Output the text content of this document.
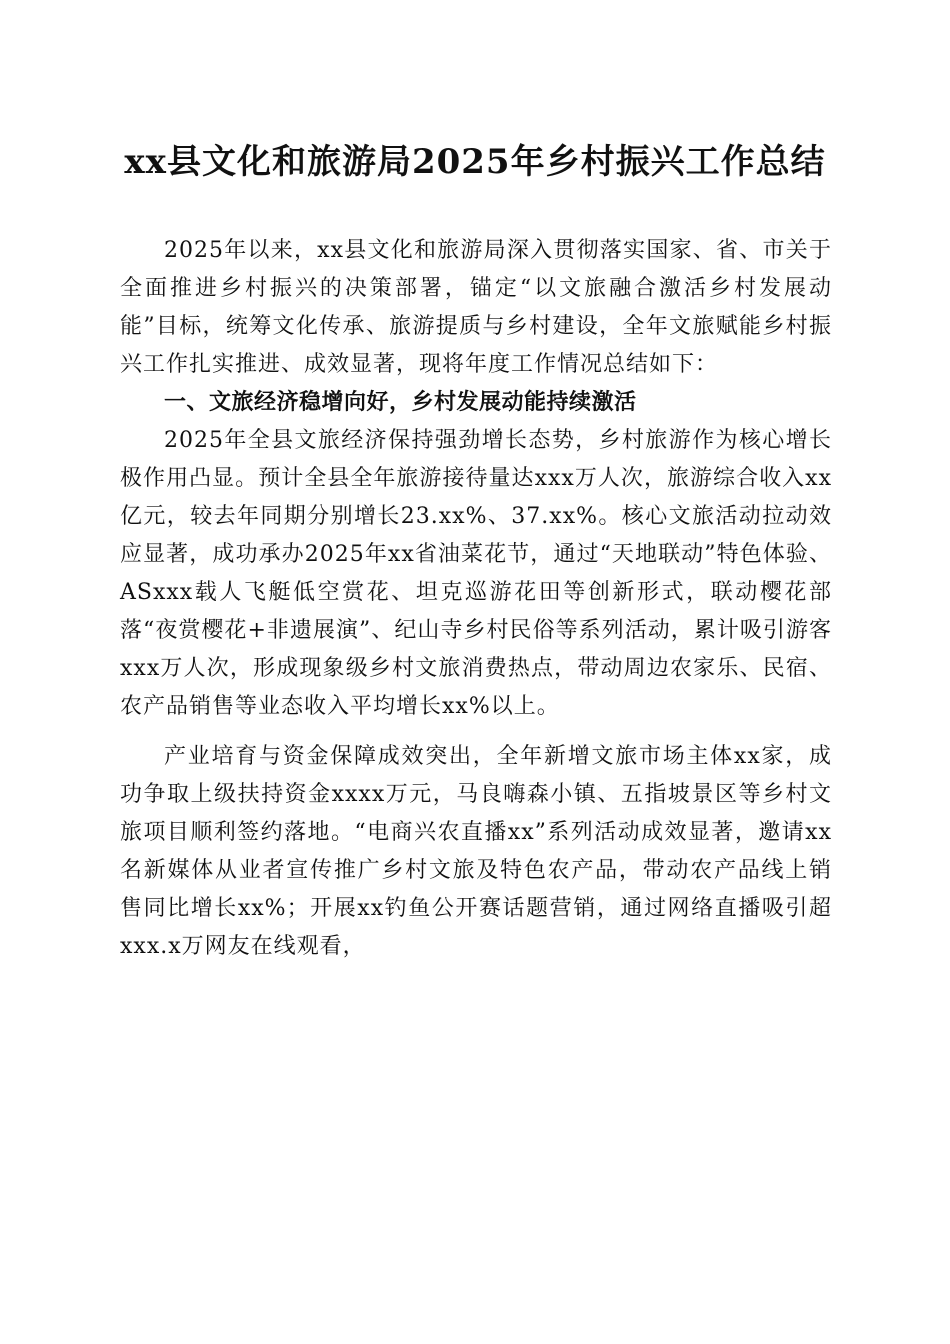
xx县文化和旅游局2025年乡村振兴工作总结

2025年以来，xx县文化和旅游局深入贯彻落实国家、省、市关于全面推进乡村振兴的决策部署，锚定“以文旅融合激活乡村发展动能”目标，统筹文化传承、旅游提质与乡村建设，全年文旅赋能乡村振兴工作扎实推进、成效显著，现将年度工作情况总结如下：

一、文旅经济稳增向好，乡村发展动能持续激活

2025年全县文旅经济保持强劲增长态势，乡村旅游作为核心增长极作用凸显。预计全县全年旅游接待量达xxx万人次，旅游综合收入xx亿元，较去年同期分别增长23.xx%、37.xx%。核心文旅活动拉动效应显著，成功承办2025年xx省油菜花节，通过“天地联动”特色体验、ASxxx载人飞艇低空赏花、坦克巡游花田等创新形式，联动樱花部落“夜赏樱花+非遗展演”、纪山寺乡村民俗等系列活动，累计吸引游客xxx万人次，形成现象级乡村文旅消费热点，带动周边农家乐、民宿、农产品销售等业态收入平均增长xx%以上。

产业培育与资金保障成效突出，全年新增文旅市场主体xx家，成功争取上级扶持资金xxxx万元，马良嗨森小镇、五指坡景区等乡村文旅项目顺利签约落地。“电商兴农直播xx”系列活动成效显著，邀请xx名新媒体从业者宣传推广乡村文旅及特色农产品，带动农产品线上销售同比增长xx%；开展xx钓鱼公开赛话题营销，通过网络直播吸引超xxx.x万网友在线观看，
